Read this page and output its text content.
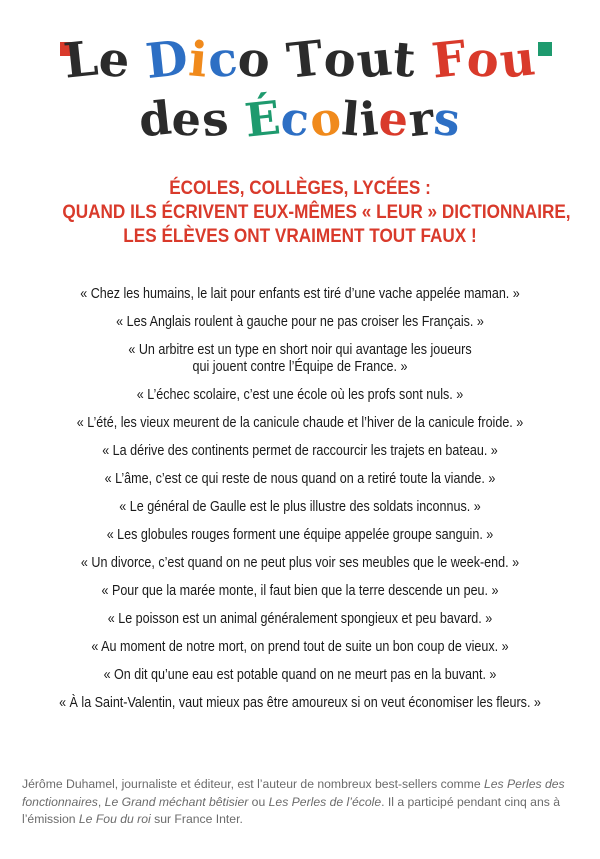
Le Dico Tout Fou
des Écoliers
ÉCOLES, COLLÈGES, LYCÉES :
QUAND ILS ÉCRIVENT EUX-MÊMES « LEUR » DICTIONNAIRE,
LES ÉLÈVES ONT VRAIMENT TOUT FAUX !
« Chez les humains, le lait pour enfants est tiré d’une vache appelée maman. »
« Les Anglais roulent à gauche pour ne pas croiser les Français. »
« Un arbitre est un type en short noir qui avantage les joueurs
qui jouent contre l’Équipe de France. »
« L’échec scolaire, c’est une école où les profs sont nuls. »
« L’été, les vieux meurent de la canicule chaude et l’hiver de la canicule froide. »
« La dérive des continents permet de raccourcir les trajets en bateau. »
« L’âme, c’est ce qui reste de nous quand on a retiré toute la viande. »
« Le général de Gaulle est le plus illustre des soldats inconnus. »
« Les globules rouges forment une équipe appelée groupe sanguin. »
« Un divorce, c’est quand on ne peut plus voir ses meubles que le week-end. »
« Pour que la marée monte, il faut bien que la terre descende un peu. »
« Le poisson est un animal généralement spongieux et peu bavard. »
« Au moment de notre mort, on prend tout de suite un bon coup de vieux. »
« On dit qu’une eau est potable quand on ne meurt pas en la buvant. »
« À la Saint-Valentin, vaut mieux pas être amoureux si on veut économiser les fleurs. »
Jérôme Duhamel, journaliste et éditeur, est l’auteur de nombreux best-sellers comme Les Perles des fonctionnaires, Le Grand méchant bêtisier ou Les Perles de l’école. Il a participé pendant cinq ans à l’émission Le Fou du roi sur France Inter.
